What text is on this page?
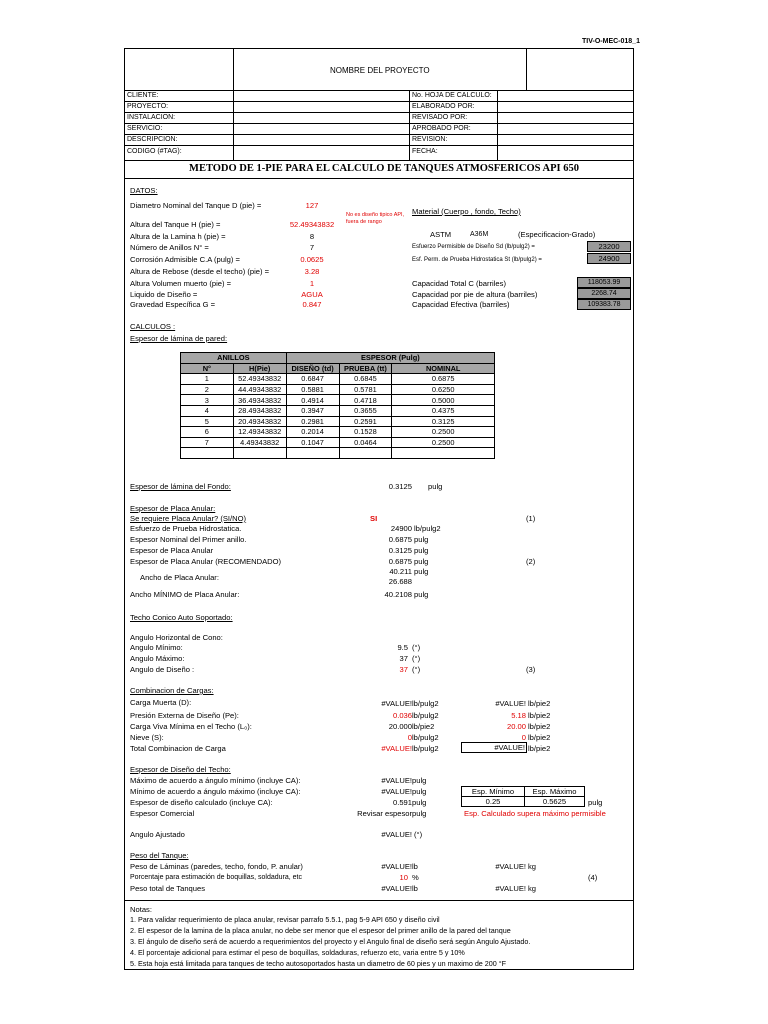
TIV-O-MEC-018_1
NOMBRE DEL PROYECTO
CLIENTE:
PROYECTO:
INSTALACION:
SERVICIO:
DESCRIPCION:
CODIGO (#TAG):
No. HOJA DE CALCULO:
ELABORADO POR:
REVISADO POR:
APROBADO POR:
REVISION:
FECHA:
METODO DE 1-PIE PARA EL CALCULO DE TANQUES ATMOSFERICOS API 650
DATOS:
Diametro Nominal del Tanque D (pie) =	127
Altura del Tanque H (pie) =	52.49343832
Altura de la Lamina h (pie) =	8
Número de Anillos N° =	7
Corrosión Admisible C.A (pulg) =	0.0625
Altura de Rebose (desde el techo) (pie) =	3.28
Altura Volumen muerto (pie) =	1
Liquido de Diseño =	AGUA
Gravedad Específica G =	0.847
No es diseño tipico API, fuera de rango
Material (Cuerpo , fondo, Techo)
ASTM	A36M	(Especificacion-Grado)
Esfuerzo Permisible de Diseño Sd (lb/pulg2) =	23200
Esf. Perm. de Prueba Hidrostatica St (lb/pulg2) =	24900
Capacidad Total C (barriles)	118053.99
Capacidad por pie de altura (barriles)	2268.74
Capacidad Efectiva (barriles)	109383.78
CALCULOS :
Espesor de lámina de pared:
ANILLOS		ESPESOR (Pulg)		
N°	H(Pie)	DISEÑO (td)	PRUEBA (tt)	NOMINAL
1	52.49343832	0.6847	0.6845	0.6875
2	44.49343832	0.5881	0.5781	0.6250
3	36.49343832	0.4914	0.4718	0.5000
4	28.49343832	0.3947	0.3655	0.4375
5	20.49343832	0.2981	0.2591	0.3125
6	12.49343832	0.2014	0.1528	0.2500
7	4.49343832	0.1047	0.0464	0.2500

Espesor de lámina del Fondo:	0.3125 pulg
Espesor de Placa Anular:
Se requiere Placa Anular? (SI/NO)	SI	(1)
Esfuerzo de Prueba Hidrostatica.	24900 lb/pulg2
Espesor Nominal del Primer anillo.	0.6875 pulg
Espesor de Placa Anular	0.3125 pulg
Espesor de Placa Anular (RECOMENDADO)	0.6875 pulg	(2)
Ancho de Placa Anular:
40.211
26.688
pulg
Ancho MÍNIMO de Placa Anular:	40.2108 pulg
Techo Conico Auto Soportado:
Angulo Horizontal de Cono:
Angulo Mínimo:	9.5 (°)
Angulo Máximo:	37 (°)
Angulo de Diseño :	37 (°)	(3)
Combinacion de Cargas:
Carga Muerta (D):	#VALUE! lb/pulg2	#VALUE! lb/pie2
Presión Externa de Diseño (Pe):	0.036 lb/pulg2	5.18 lb/pie2
Carga Viva Mínima en el Techo (L₀):	20.000 lb/pie2	20.00 lb/pie2
Nieve (S):	0 lb/pulg2	0 lb/pie2
Total Combinacion de Carga	#VALUE! lb/pulg2	#VALUE! lb/pie2
Espesor de Diseño del Techo:
Máximo de acuerdo a ángulo mínimo (incluye CA):	#VALUE! pulg
Mínimo de acuerdo a ángulo máximo (incluye CA):	#VALUE! pulg
Espesor de diseño calculado (incluye CA):	0.591 pulg
Espesor Comercial	Revisar espesor pulg
Esp. Mínimo	Esp. Máximo
0.25	0.5625	pulg
Esp. Calculado supera máximo permisible
Angulo Ajustado	#VALUE! (°)
Peso del Tanque:
Peso de Láminas (paredes, techo, fondo, P. anular)	#VALUE! lb	#VALUE! kg
Porcentaje para estimación de boquillas, soldadura, etc	10 %	(4)
Peso total de Tanques	#VALUE! lb	#VALUE! kg
Notas:
1. Para validar requerimiento de placa anular, revisar parrafo 5.5.1, pag 5-9 API 650 y diseño civil
2. El espesor de la lamina de la placa anular, no debe ser menor que el espesor del primer anillo de la pared del tanque
3. El ángulo de diseño será de acuerdo a requerimientos del proyecto y el Angulo final de diseño será según Angulo Ajustado.
4. El porcentaje adicional para estimar el peso de boquillas, soldaduras, refuerzo etc, varia entre 5 y 10%
5. Esta hoja está limitada para tanques de techo autosoportados hasta un diametro de 60 pies y un maximo de 200 °F
